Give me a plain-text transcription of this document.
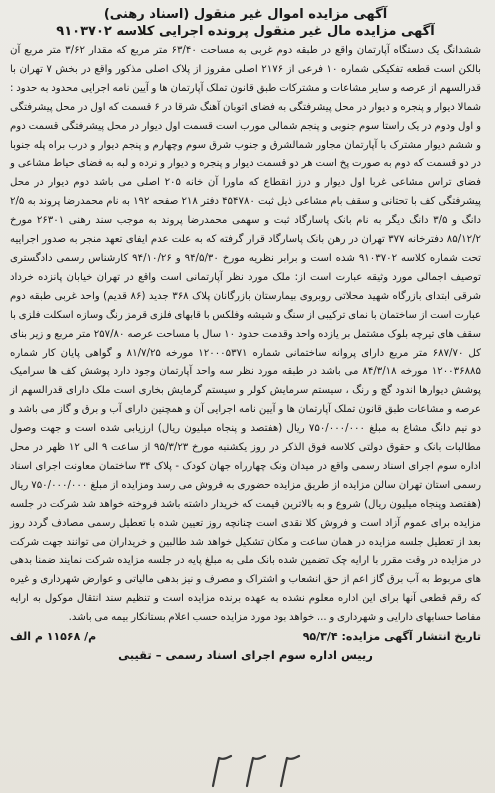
آگهی مزایده اموال غیر منقول (اسناد رهنی)

آگهی مزایده مال غیر منقول پرونده اجرایی کلاسه ۹۱۰۳۷۰۲

ششدانگ یک دستگاه آپارتمان واقع در طبقه دوم غربی به مساحت ۶۳/۴۰ متر مربع که مقدار ۳/۶۲ متر مربع آن بالکن است قطعه تفکیکی شماره ۱۰ فرعی از ۲۱۷۶ اصلی مفروز از پلاک اصلی مذکور واقع در بخش ۷ تهران با قدرالسهم از عرصه و سایر مشاعات و مشترکات طبق قانون تملک آپارتمان ها و آیین نامه اجرایی محدود به حدود : شمالا دیوار و پنجره و دیوار در محل پیشرفتگی به فضای اتوبان آهنگ شرقا در ۶ قسمت که اول در محل پیشرفتگی و اول ودوم در یک راستا سوم جنوبی و پنجم شمالی مورب است قسمت اول دیوار در محل پیشرفتگی قسمت دوم و ششم دیوار مشترک با آپارتمان مجاور شمالشرق و جنوب شرق سوم وچهارم و پنجم دیوار و درب براه پله جنوبا در دو قسمت که دوم به صورت پخ است هر دو قسمت دیوار و پنجره و دیوار و نرده و لبه به فضای حیاط مشاعی و فضای تراس مشاعی غربا اول دیوار و درز انقطاع که ماورا آن خانه ۲۰۵ اصلی می باشد دوم دیوار در محل پیشرفتگی کف با تحتانی و سقف بام مشاعی ذیل ثبت ۴۵۴۷۸۰ دفتر ۲۱۸ صفحه ۱۹۲ به نام محمدرضا پروند به ۲/۵ دانگ و ۳/۵ دانگ دیگر به نام بانک پاسارگاد ثبت و سهمی محمدرضا پروند به موجب سند رهنی ۲۶۳۰۱ مورخ ۸۵/۱۲/۲ دفترخانه ۳۷۷ تهران در رهن بانک پاسارگاد قرار گرفته که به علت عدم ایفای تعهد منجر به صدور اجراییه تحت شماره کلاسه ۹۱۰۳۷۰۲ شده است و برابر نظریه مورخ ۹۴/۵/۳۰ و ۹۴/۱۰/۲۶ کارشناس رسمی دادگستری توصیف اجمالی مورد وثیقه عبارت است از: ملک مورد نظر آپارتمانی است واقع در تهران خیابان پانزده خرداد شرقی ابتدای بازرگاه شهید محلاتی روبروی بیمارستان بازرگانان پلاک ۳۶۸ جدید (۸۶ قدیم) واحد غربی طبقه دوم عبارت است از ساختمان با نمای ترکیبی از سنگ و شیشه وفلکس با قابهای فلزی قرمز رنگ وسازه اسکلت فلزی با سقف های تیرچه بلوک مشتمل بر یازده واحد وقدمت حدود ۱۰ سال با مساحت عرصه ۲۵۷/۸۰ متر مربع و زیر بنای کل ۶۸۷/۷۰ متر مربع دارای پروانه ساختمانی شماره ۱۲۰۰۰۵۳۷۱ مورخه ۸۱/۷/۲۵ و گواهی پایان کار شماره ۱۲۰۰۳۶۸۸۵ مورخه ۸۴/۳/۱۸ می باشد در طبقه مورد نظر سه واحد آپارتمان وجود دارد پوشش کف ها سرامیک پوشش دیوارها اندود گچ و رنگ ، سیستم سرمایش کولر و سیستم گرمایش بخاری است ملک دارای قدرالسهم از عرصه و مشاعات طبق قانون تملک آپارتمان ها و آیین نامه اجرایی آن و همچنین دارای آب و برق و گاز می باشد و دو نیم دانگ مشاع به مبلغ ۷۵۰/۰۰۰/۰۰۰ ریال (هفتصد و پنجاه میلیون ریال) ارزیابی شده است و جهت وصول مطالبات بانک و حقوق دولتی کلاسه فوق الذکر در روز یکشنبه مورخ ۹۵/۳/۲۳ از ساعت ۹ الی ۱۲ ظهر در محل اداره سوم اجرای اسناد رسمی واقع در میدان ونک چهارراه جهان کودک - پلاک ۳۴ ساختمان معاونت اجرای اسناد رسمی استان تهران سالن مزایده از طریق مزایده حضوری به فروش می رسد ومزایده از مبلغ ۷۵۰/۰۰۰/۰۰۰ ریال (هفتصد وپنجاه میلیون ریال) شروع و به بالاترین قیمت که خریدار داشته باشد فروخته خواهد شد شرکت در جلسه مزایده برای عموم آزاد است و فروش کلا نقدی است چنانچه روز تعیین شده با تعطیل رسمی مصادف گردد روز بعد از تعطیل جلسه مزایده در همان ساعت و مکان تشکیل خواهد شد طالبین و خریداران می توانند جهت شرکت در مزایده در وقت مقرر با ارایه چک تضمین شده بانک ملی به مبلغ پایه در جلسه مزایده شرکت نمایند ضمنا بدهی های مربوط به آب برق گاز اعم از حق انشعاب و اشتراک و مصرف و نیز بدهی مالیاتی و عوارض شهرداری و غیره که رقم قطعی آنها برای این اداره معلوم نشده به عهده برنده مزایده است و تنظیم سند انتقال موکول به ارایه مفاصا حسابهای دارایی و شهرداری و ... خواهد بود مورد مزایده حسب اعلام بستانکار بیمه می باشد.

تاریخ انتشار آگهی مزایده: ۹۵/۳/۴
م/ ۱۱۵۶۸ م الف
رییس اداره سوم اجرای اسناد رسمی – تقیبی
